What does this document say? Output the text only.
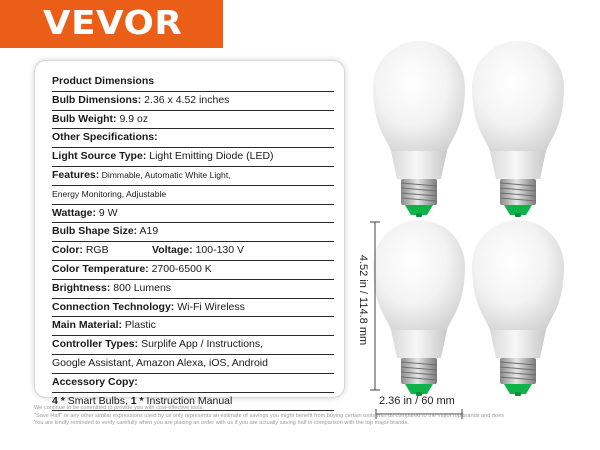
VEVOR
Product Dimensions
Bulb Dimensions: 2.36 x 4.52 inches
Bulb Weight: 9.9 oz
Other Specifications:
Light Source Type: Light Emitting Diode (LED)
Features: Dimmable, Automatic White Light,
Energy Monitoring, Adjustable
Wattage: 9 W
Bulb Shape Size: A19
Color: RGB	Voltage: 100-130 V
Color Temperature: 2700-6500 K
Brightness: 800 Lumens
Connection Technology: Wi-Fi Wireless
Main Material: Plastic
Controller Types: Surplife App / Instructions,
Google Assistant, Amazon Alexa, iOS, Android
Accessory Copy:
4 * Smart Bulbs, 1 * Instruction Manual
4.52 in / 114.8 mm
2.36 in / 60 mm
We continue to be committed to provide you with cost-effective tools.
"Save Half" or any other similar expressions used by us only represents an estimate of savings you might benefit from buying certain tools with us compared to the major top brands and does
You are kindly reminded to verify carefully when you are placing an order with us if you are actually saving half in comparison with the top major brands.
